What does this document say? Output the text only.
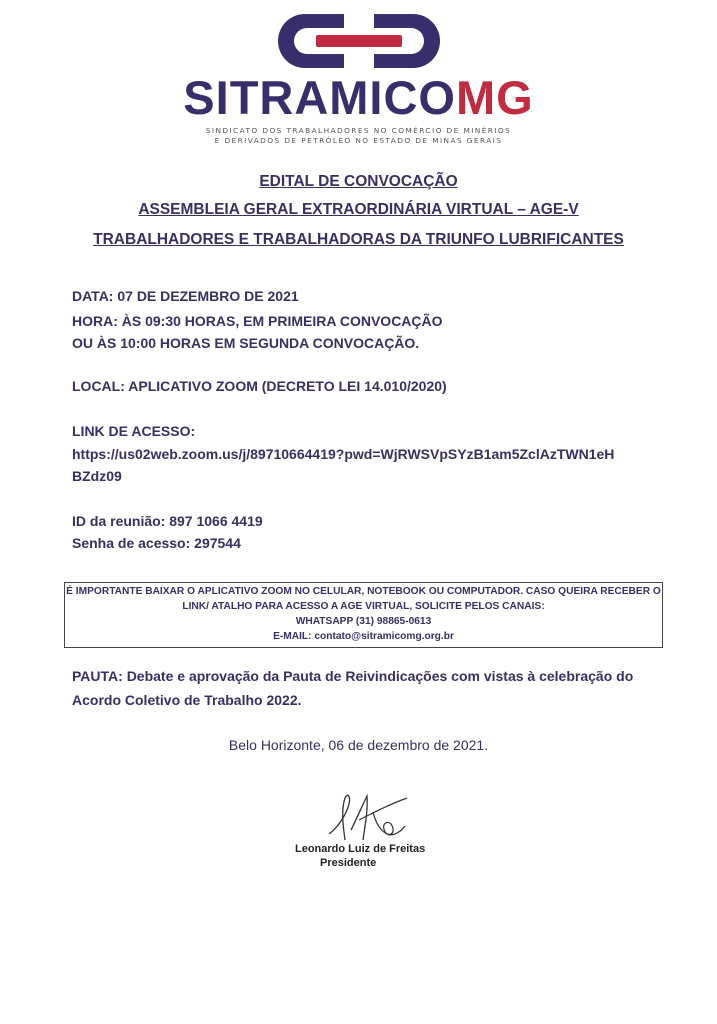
SITRAMICOMG
SINDICATO DOS TRABALHADORES NO COMÉRCIO DE MINÉRIOS
E DERIVADOS DE PETRÓLEO NO ESTADO DE MINAS GERAIS
EDITAL DE CONVOCAÇÃO
ASSEMBLEIA GERAL EXTRAORDINÁRIA VIRTUAL – AGE-V
TRABALHADORES E TRABALHADORAS DA TRIUNFO LUBRIFICANTES
DATA: 07 DE DEZEMBRO DE 2021
HORA: ÀS 09:30 HORAS, EM PRIMEIRA CONVOCAÇÃO
OU ÀS 10:00 HORAS EM SEGUNDA CONVOCAÇÃO.
LOCAL: APLICATIVO ZOOM (DECRETO LEI 14.010/2020)
LINK DE ACESSO:
https://us02web.zoom.us/j/89710664419?pwd=WjRWSVpSYzB1am5ZclAzTWN1eH
BZdz09
ID da reunião: 897 1066 4419
Senha de acesso: 297544
É IMPORTANTE BAIXAR O APLICATIVO ZOOM NO CELULAR, NOTEBOOK OU COMPUTADOR. CASO QUEIRA RECEBER O
LINK/ ATALHO PARA ACESSO A AGE VIRTUAL, SOLICITE PELOS CANAIS:
WHATSAPP (31) 98865-0613
E-MAIL: contato@sitramicomg.org.br
PAUTA: Debate e aprovação da Pauta de Reivindicações com vistas à celebração do
Acordo Coletivo de Trabalho 2022.
Belo Horizonte, 06 de dezembro de 2021.
Leonardo Luiz de Freitas
Presidente
